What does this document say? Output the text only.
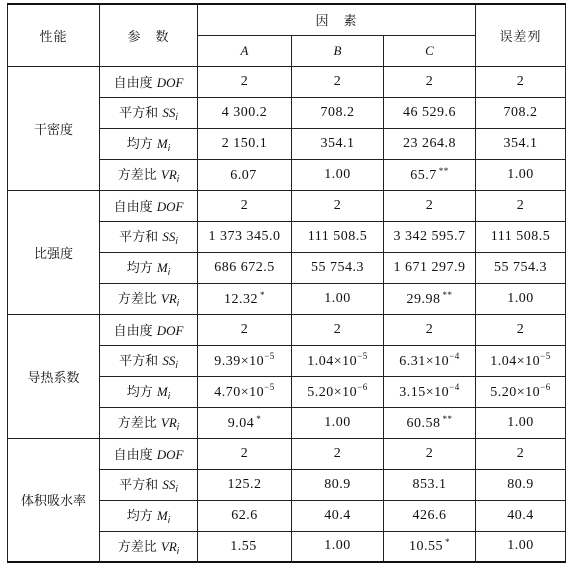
性能	参　数	因　素			误差列
		A	B	C	
干密度	自由度 DOF	2	2	2	2
	平方和 $SS_i$	4 300.2	708.2	46 529.6	708.2
	均方 $M_i$	2 150.1	354.1	23 264.8	354.1
	方差比 $VR_i$	6.07	1.00	65.7 **	1.00
比强度	自由度 DOF	2	2	2	2
	平方和 $SS_i$	1 373 345.0	111 508.5	3 342 595.7	111 508.5
	均方 $M_i$	686 672.5	55 754.3	1 671 297.9	55 754.3
	方差比 $VR_i$	12.32 *	1.00	29.98 **	1.00
导热系数	自由度 DOF	2	2	2	2
	平方和 $SS_i$	$9.39\times 10^{-5}$	$1.04\times 10^{-5}$	$6.31\times 10^{-4}$	$1.04\times 10^{-5}$
	均方 $M_i$	$4.70\times 10^{-5}$	$5.20\times 10^{-6}$	$3.15\times 10^{-4}$	$5.20\times 10^{-6}$
	方差比 $VR_i$	9.04 *	1.00	60.58 **	1.00
体积吸水率	自由度 DOF	2	2	2	2
	平方和 $SS_i$	125.2	80.9	853.1	80.9
	均方 $M_i$	62.6	40.4	426.6	40.4
	方差比 $VR_i$	1.55	1.00	10.55 *	1.00
